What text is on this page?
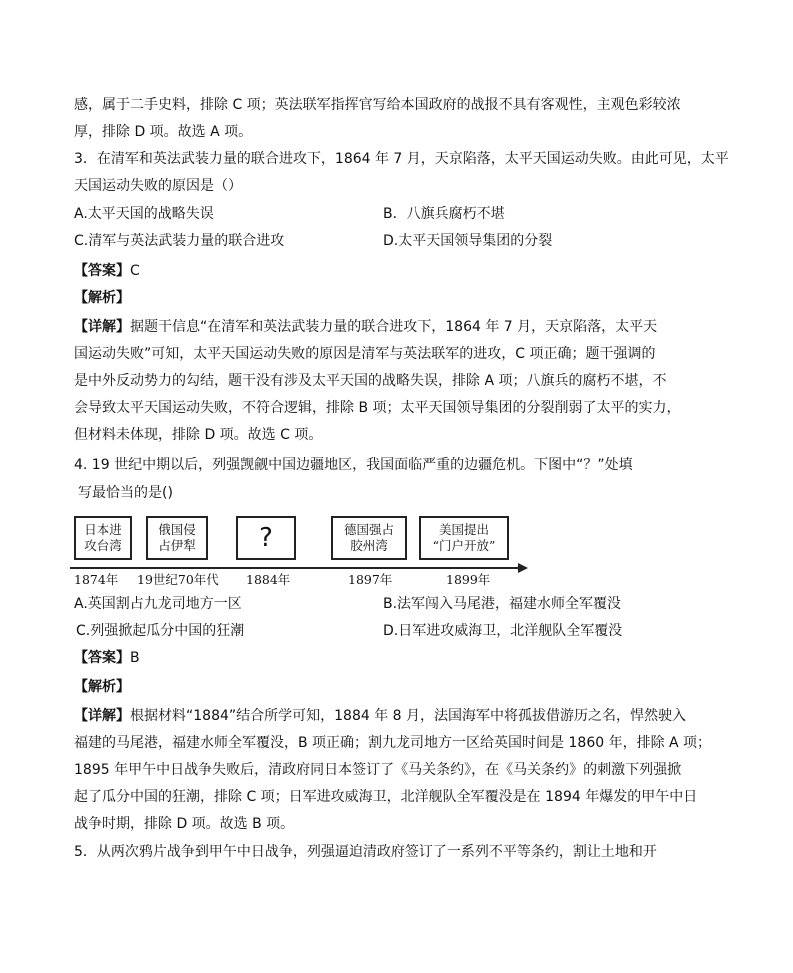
感，属于二手史料，排除 C 项；英法联军指挥官写给本国政府的战报不具有客观性，主观色彩较浓
厚，排除 D 项。故选 A 项。
3．在清军和英法武装力量的联合进攻下，1864 年 7 月，天京陷落，太平天国运动失败。由此可见，太平
天国运动失败的原因是（）
A.太平天国的战略失误	B．八旗兵腐朽不堪
C.清军与英法武装力量的联合进攻	D.太平天国领导集团的分裂
【答案】C
【解析】
【详解】据题干信息“在清军和英法武装力量的联合进攻下，1864 年 7 月，天京陷落，太平天
国运动失败”可知，太平天国运动失败的原因是清军与英法联军的进攻，C 项正确；题干强调的
是中外反动势力的勾结，题干没有涉及太平天国的战略失误，排除 A 项；八旗兵的腐朽不堪，不
会导致太平天国运动失败，不符合逻辑，排除 B 项；太平天国领导集团的分裂削弱了太平的实力，
但材料未体现，排除 D 项。故选 C 项。
4. 19 世纪中期以后，列强觊觎中国边疆地区，我国面临严重的边疆危机。下图中“？”处填
写最恰当的是()
日本进
攻台湾
俄国侵
占伊犁	?	德国强占
胶州湾
美国提出
“门户开放”
1874年 19世纪70年代 1884年	1897年	1899年
A.英国割占九龙司地方一区	B.法军闯入马尾港，福建水师全军覆没
C.列强掀起瓜分中国的狂潮	D.日军进攻威海卫，北洋舰队全军覆没
【答案】B
【解析】
【详解】根据材料“1884”结合所学可知，1884 年 8 月，法国海军中将孤拔借游历之名，悍然驶入
福建的马尾港，福建水师全军覆没，B 项正确；割九龙司地方一区给英国时间是 1860 年，排除 A 项；
1895 年甲午中日战争失败后，清政府同日本签订了《马关条约》，在《马关条约》的刺激下列强掀
起了瓜分中国的狂潮，排除 C 项；日军进攻威海卫，北洋舰队全军覆没是在 1894 年爆发的甲午中日
战争时期，排除 D 项。故选 B 项。
5．从两次鸦片战争到甲午中日战争，列强逼迫清政府签订了一系列不平等条约，割让土地和开
